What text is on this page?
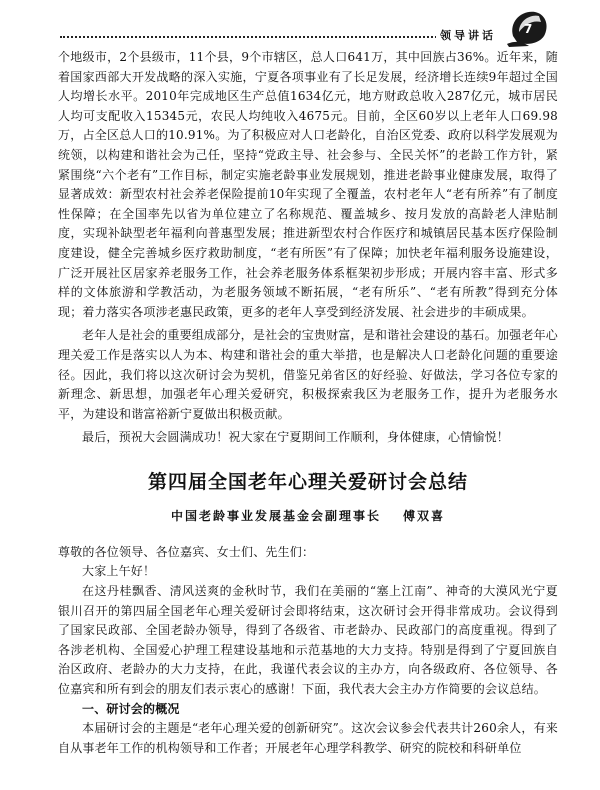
领导讲话	7

个地级市，2个县级市，11个县，9个市辖区，总人口641万，其中回族占36%。近年来，随着国家西部大开发战略的深入实施，宁夏各项事业有了长足发展，经济增长连续9年超过全国人均增长水平。2010年完成地区生产总值1634亿元，地方财政总收入287亿元，城市居民人均可支配收入15345元，农民人均纯收入4675元。目前，全区60岁以上老年人口69.98万，占全区总人口的10.91%。为了积极应对人口老龄化，自治区党委、政府以科学发展观为统领，以构建和谐社会为己任，坚持“党政主导、社会参与、全民关怀”的老龄工作方针，紧紧围绕“六个老有”工作目标，制定实施老龄事业发展规划，推进老龄事业健康发展，取得了显著成效：新型农村社会养老保险提前10年实现了全覆盖，农村老年人“老有所养”有了制度性保障；在全国率先以省为单位建立了名称规范、覆盖城乡、按月发放的高龄老人津贴制度，实现补缺型老年福利向普惠型发展；推进新型农村合作医疗和城镇居民基本医疗保险制度建设，健全完善城乡医疗救助制度，“老有所医”有了保障；加快老年福利服务设施建设，广泛开展社区居家养老服务工作，社会养老服务体系框架初步形成；开展内容丰富、形式多样的文体旅游和学教活动，为老服务领域不断拓展，“老有所乐”、“老有所教”得到充分体现；着力落实各项涉老惠民政策，更多的老年人享受到经济发展、社会进步的丰硕成果。

老年人是社会的重要组成部分，是社会的宝贵财富，是和谐社会建设的基石。加强老年心理关爱工作是落实以人为本、构建和谐社会的重大举措，也是解决人口老龄化问题的重要途径。因此，我们将以这次研讨会为契机，借鉴兄弟省区的好经验、好做法，学习各位专家的新理念、新思想，加强老年心理关爱研究，积极探索我区为老服务工作，提升为老服务水平，为建设和谐富裕新宁夏做出积极贡献。

最后，预祝大会圆满成功！祝大家在宁夏期间工作顺利，身体健康，心情愉悦！

第四届全国老年心理关爱研讨会总结
中国老龄事业发展基金会副理事长 傅双喜

尊敬的各位领导、各位嘉宾、女士们、先生们：

大家上午好！

在这丹桂飘香、清风送爽的金秋时节，我们在美丽的“塞上江南”、神奇的大漠风光宁夏银川召开的第四届全国老年心理关爱研讨会即将结束，这次研讨会开得非常成功。会议得到了国家民政部、全国老龄办领导，得到了各级省、市老龄办、民政部门的高度重视。得到了各涉老机构、全国爱心护理工程建设基地和示范基地的大力支持。特别是得到了宁夏回族自治区政府、老龄办的大力支持，在此，我谨代表会议的主办方，向各级政府、各位领导、各位嘉宾和所有到会的朋友们表示衷心的感谢！下面，我代表大会主办方作简要的会议总结。

一、研讨会的概况

本届研讨会的主题是“老年心理关爱的创新研究”。这次会议参会代表共计260余人，有来自从事老年工作的机构领导和工作者；开展老年心理学科教学、研究的院校和科研单位
